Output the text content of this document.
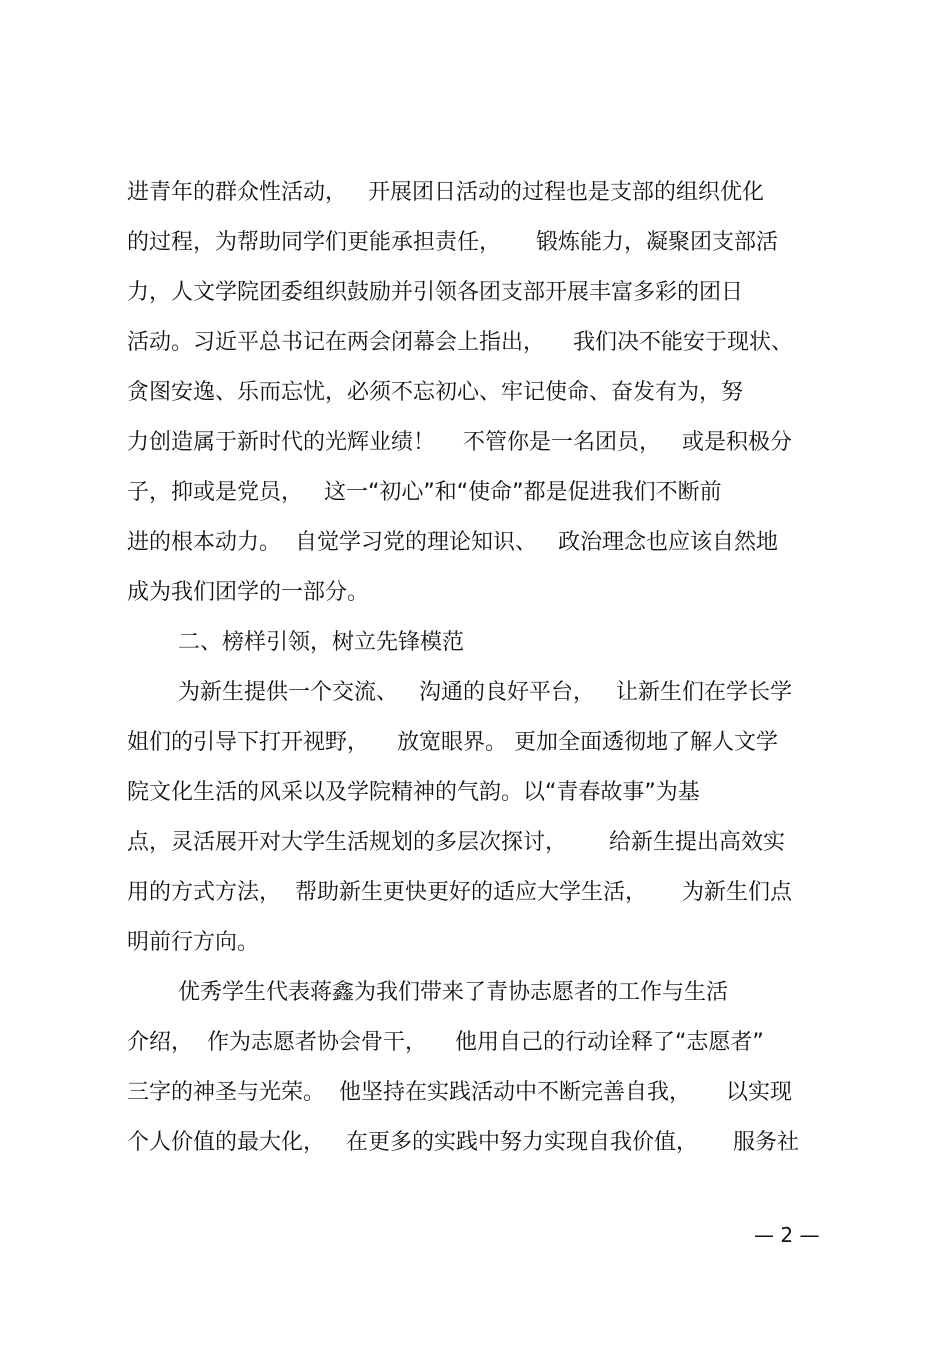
进青年的群众性活动，   开展团日活动的过程也是支部的组织优化
的过程，为帮助同学们更能承担责任，     锻炼能力，凝聚团支部活
力，人文学院团委组织鼓励并引领各团支部开展丰富多彩的团日
活动。习近平总书记在两会闭幕会上指出，    我们决不能安于现状、
贪图安逸、乐而忘忧，必须不忘初心、牢记使命、奋发有为，努
力创造属于新时代的光辉业绩！    不管你是一名团员，   或是积极分
子，抑或是党员，   这一“初心”和“使命”都是促进我们不断前
进的根本动力。  自觉学习党的理论知识、   政治理念也应该自然地
成为我们团学的一部分。
二、榜样引领，树立先锋模范
为新生提供一个交流、   沟通的良好平台，   让新生们在学长学
姐们的引导下打开视野，    放宽眼界。 更加全面透彻地了解人文学
院文化生活的风采以及学院精神的气韵。以“青春故事”为基
点，灵活展开对大学生活规划的多层次探讨，      给新生提出高效实
用的方式方法，  帮助新生更快更好的适应大学生活，     为新生们点
明前行方向。
优秀学生代表蒋鑫为我们带来了青协志愿者的工作与生活
介绍，  作为志愿者协会骨干，    他用自己的行动诠释了“志愿者”
三字的神圣与光荣。  他坚持在实践活动中不断完善自我，     以实现
个人价值的最大化，   在更多的实践中努力实现自我价值，     服务社
— 2 —
